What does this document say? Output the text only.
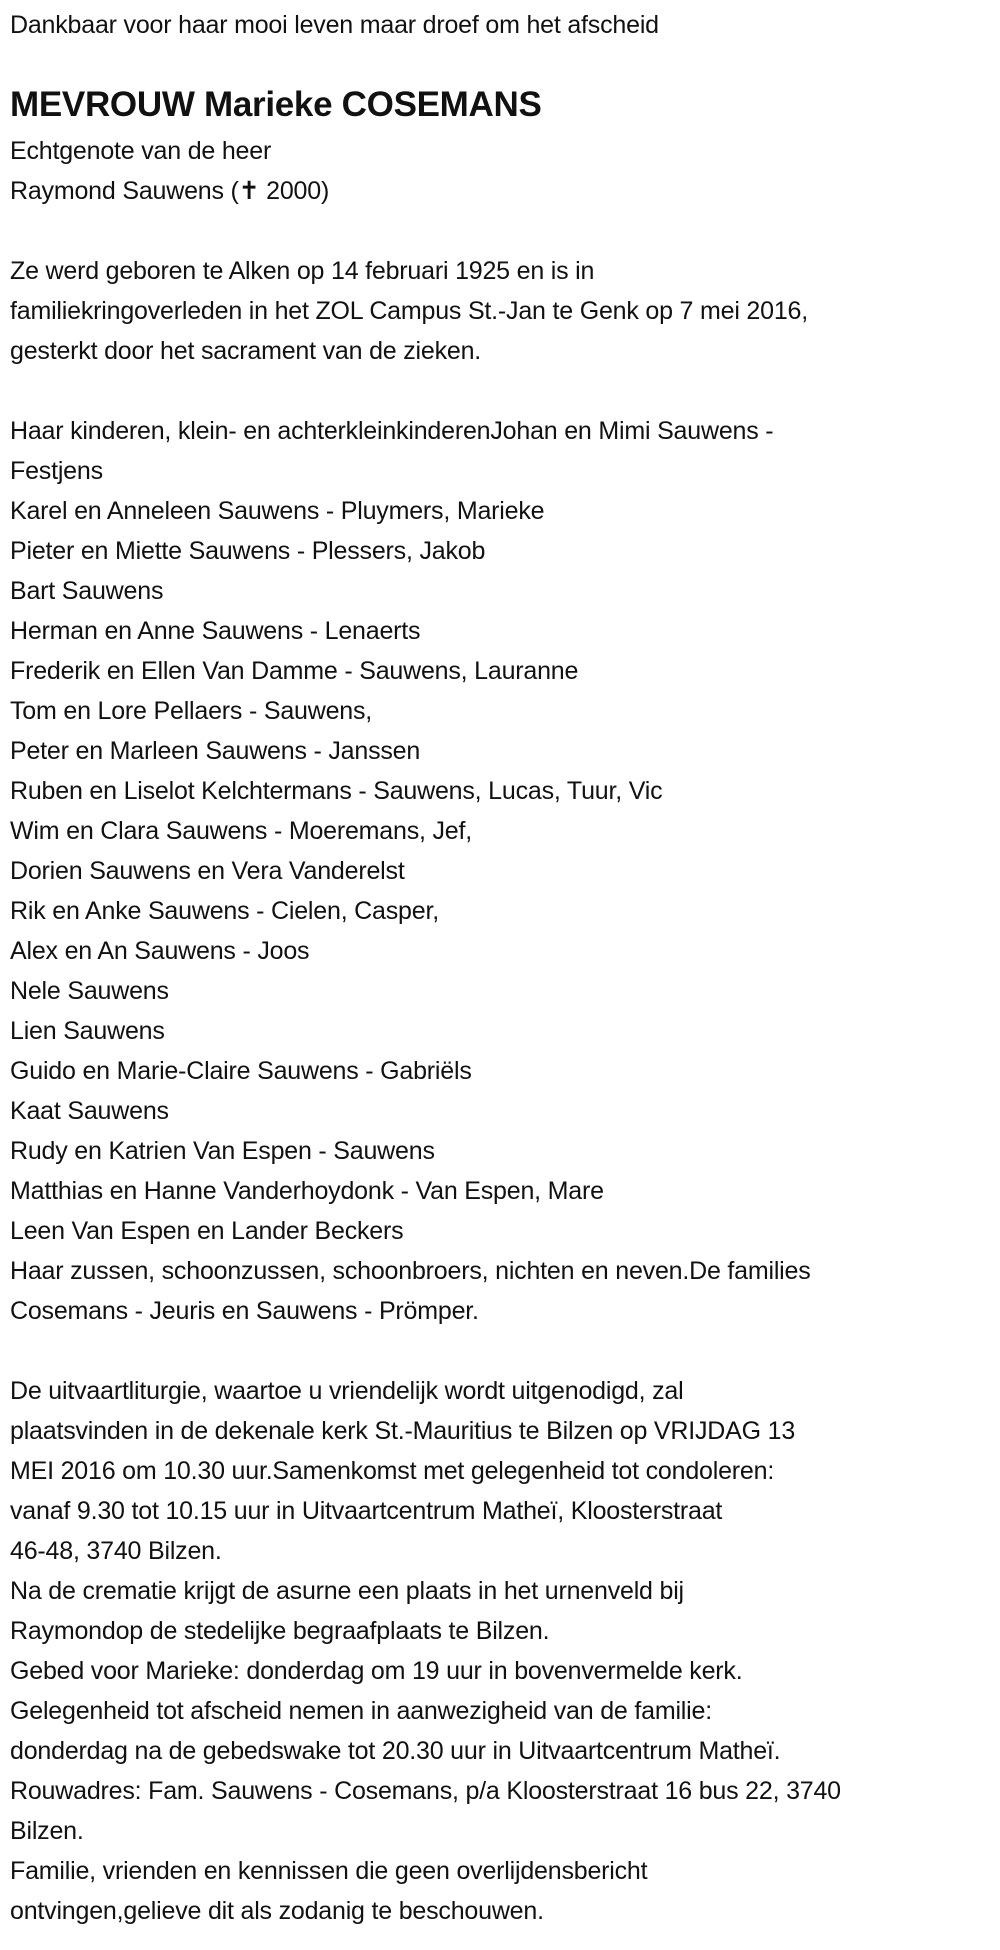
Dankbaar voor haar mooi leven maar droef om het afscheid
MEVROUW Marieke COSEMANS
Echtgenote van de heer
Raymond Sauwens (✝ 2000)
Ze werd geboren te Alken op 14 februari 1925 en is in
familiekringoverleden in het ZOL Campus St.-Jan te Genk op 7 mei 2016,
gesterkt door het sacrament van de zieken.
Haar kinderen, klein- en achterkleinkinderenJohan en Mimi Sauwens -
Festjens
Karel en Anneleen Sauwens - Pluymers, Marieke
Pieter en Miette Sauwens - Plessers, Jakob
Bart Sauwens
Herman en Anne Sauwens - Lenaerts
Frederik en Ellen Van Damme - Sauwens, Lauranne
Tom en Lore Pellaers - Sauwens,
Peter en Marleen Sauwens - Janssen
Ruben en Liselot Kelchtermans - Sauwens, Lucas, Tuur, Vic
Wim en Clara Sauwens - Moeremans, Jef,
Dorien Sauwens en Vera Vanderelst
Rik en Anke Sauwens - Cielen, Casper,
Alex en An Sauwens - Joos
Nele Sauwens
Lien Sauwens
Guido en Marie-Claire Sauwens - Gabriëls
Kaat Sauwens
Rudy en Katrien Van Espen - Sauwens
Matthias en Hanne Vanderhoydonk - Van Espen, Mare
Leen Van Espen en Lander Beckers
Haar zussen, schoonzussen, schoonbroers, nichten en neven.De families
Cosemans - Jeuris en Sauwens - Prömper.
De uitvaartliturgie, waartoe u vriendelijk wordt uitgenodigd, zal
plaatsvinden in de dekenale kerk St.-Mauritius te Bilzen op VRIJDAG 13
MEI 2016 om 10.30 uur.Samenkomst met gelegenheid tot condoleren:
vanaf 9.30 tot 10.15 uur in Uitvaartcentrum Matheï, Kloosterstraat
46-48, 3740 Bilzen.
Na de crematie krijgt de asurne een plaats in het urnenveld bij
Raymondop de stedelijke begraafplaats te Bilzen.
Gebed voor Marieke: donderdag om 19 uur in bovenvermelde kerk.
Gelegenheid tot afscheid nemen in aanwezigheid van de familie:
donderdag na de gebedswake tot 20.30 uur in Uitvaartcentrum Matheï.
Rouwadres: Fam. Sauwens - Cosemans, p/a Kloosterstraat 16 bus 22, 3740
Bilzen.
Familie, vrienden en kennissen die geen overlijdensbericht
ontvingen,gelieve dit als zodanig te beschouwen.
